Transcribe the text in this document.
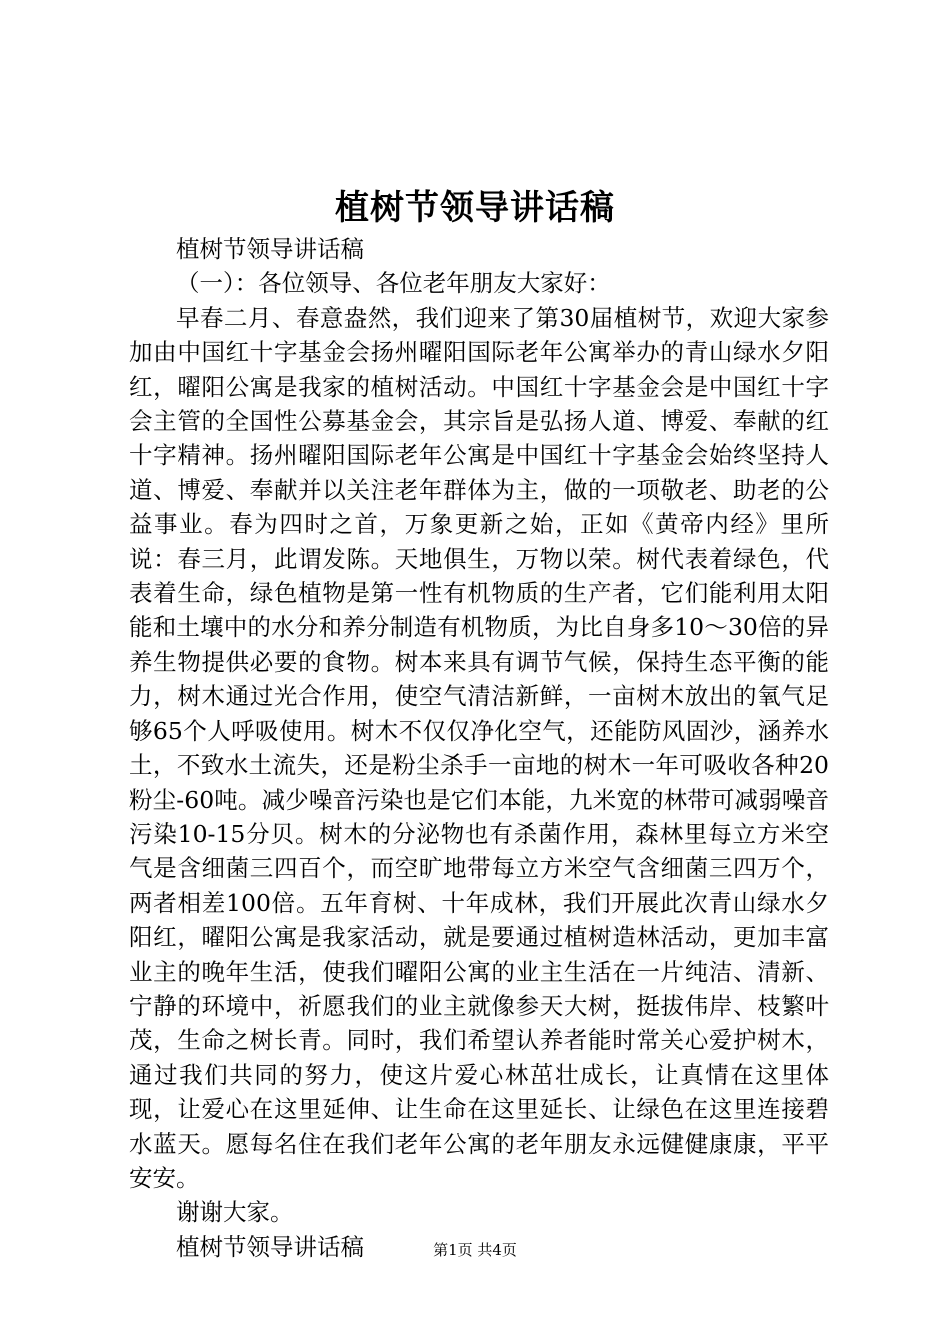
植树节领导讲话稿

植树节领导讲话稿

（一）：各位领导、各位老年朋友大家好：

早春二月、春意盎然，我们迎来了第30届植树节，欢迎大家参加由中国红十字基金会扬州曜阳国际老年公寓举办的青山绿水夕阳红，曜阳公寓是我家的植树活动。中国红十字基金会是中国红十字会主管的全国性公募基金会，其宗旨是弘扬人道、博爱、奉献的红十字精神。扬州曜阳国际老年公寓是中国红十字基金会始终坚持人道、博爱、奉献并以关注老年群体为主，做的一项敬老、助老的公益事业。春为四时之首，万象更新之始，正如《黄帝内经》里所说：春三月，此谓发陈。天地俱生，万物以荣。树代表着绿色，代表着生命，绿色植物是第一性有机物质的生产者，它们能利用太阳能和土壤中的水分和养分制造有机物质，为比自身多10～30倍的异养生物提供必要的食物。树本来具有调节气候，保持生态平衡的能力，树木通过光合作用，使空气清洁新鲜，一亩树木放出的氧气足够65个人呼吸使用。树木不仅仅净化空气，还能防风固沙，涵养水土，不致水土流失，还是粉尘杀手一亩地的树木一年可吸收各种20粉尘-60吨。减少噪音污染也是它们本能，九米宽的林带可减弱噪音污染10-15分贝。树木的分泌物也有杀菌作用，森林里每立方米空气是含细菌三四百个，而空旷地带每立方米空气含细菌三四万个，两者相差100倍。五年育树、十年成林，我们开展此次青山绿水夕阳红，曜阳公寓是我家活动，就是要通过植树造林活动，更加丰富业主的晚年生活，使我们曜阳公寓的业主生活在一片纯洁、清新、宁静的环境中，祈愿我们的业主就像参天大树，挺拔伟岸、枝繁叶茂，生命之树长青。同时，我们希望认养者能时常关心爱护树木，通过我们共同的努力，使这片爱心林茁壮成长，让真情在这里体现，让爱心在这里延伸、让生命在这里延长、让绿色在这里连接碧水蓝天。愿每名住在我们老年公寓的老年朋友永远健健康康，平平安安。

谢谢大家。

植树节领导讲话稿	第1页 共4页
